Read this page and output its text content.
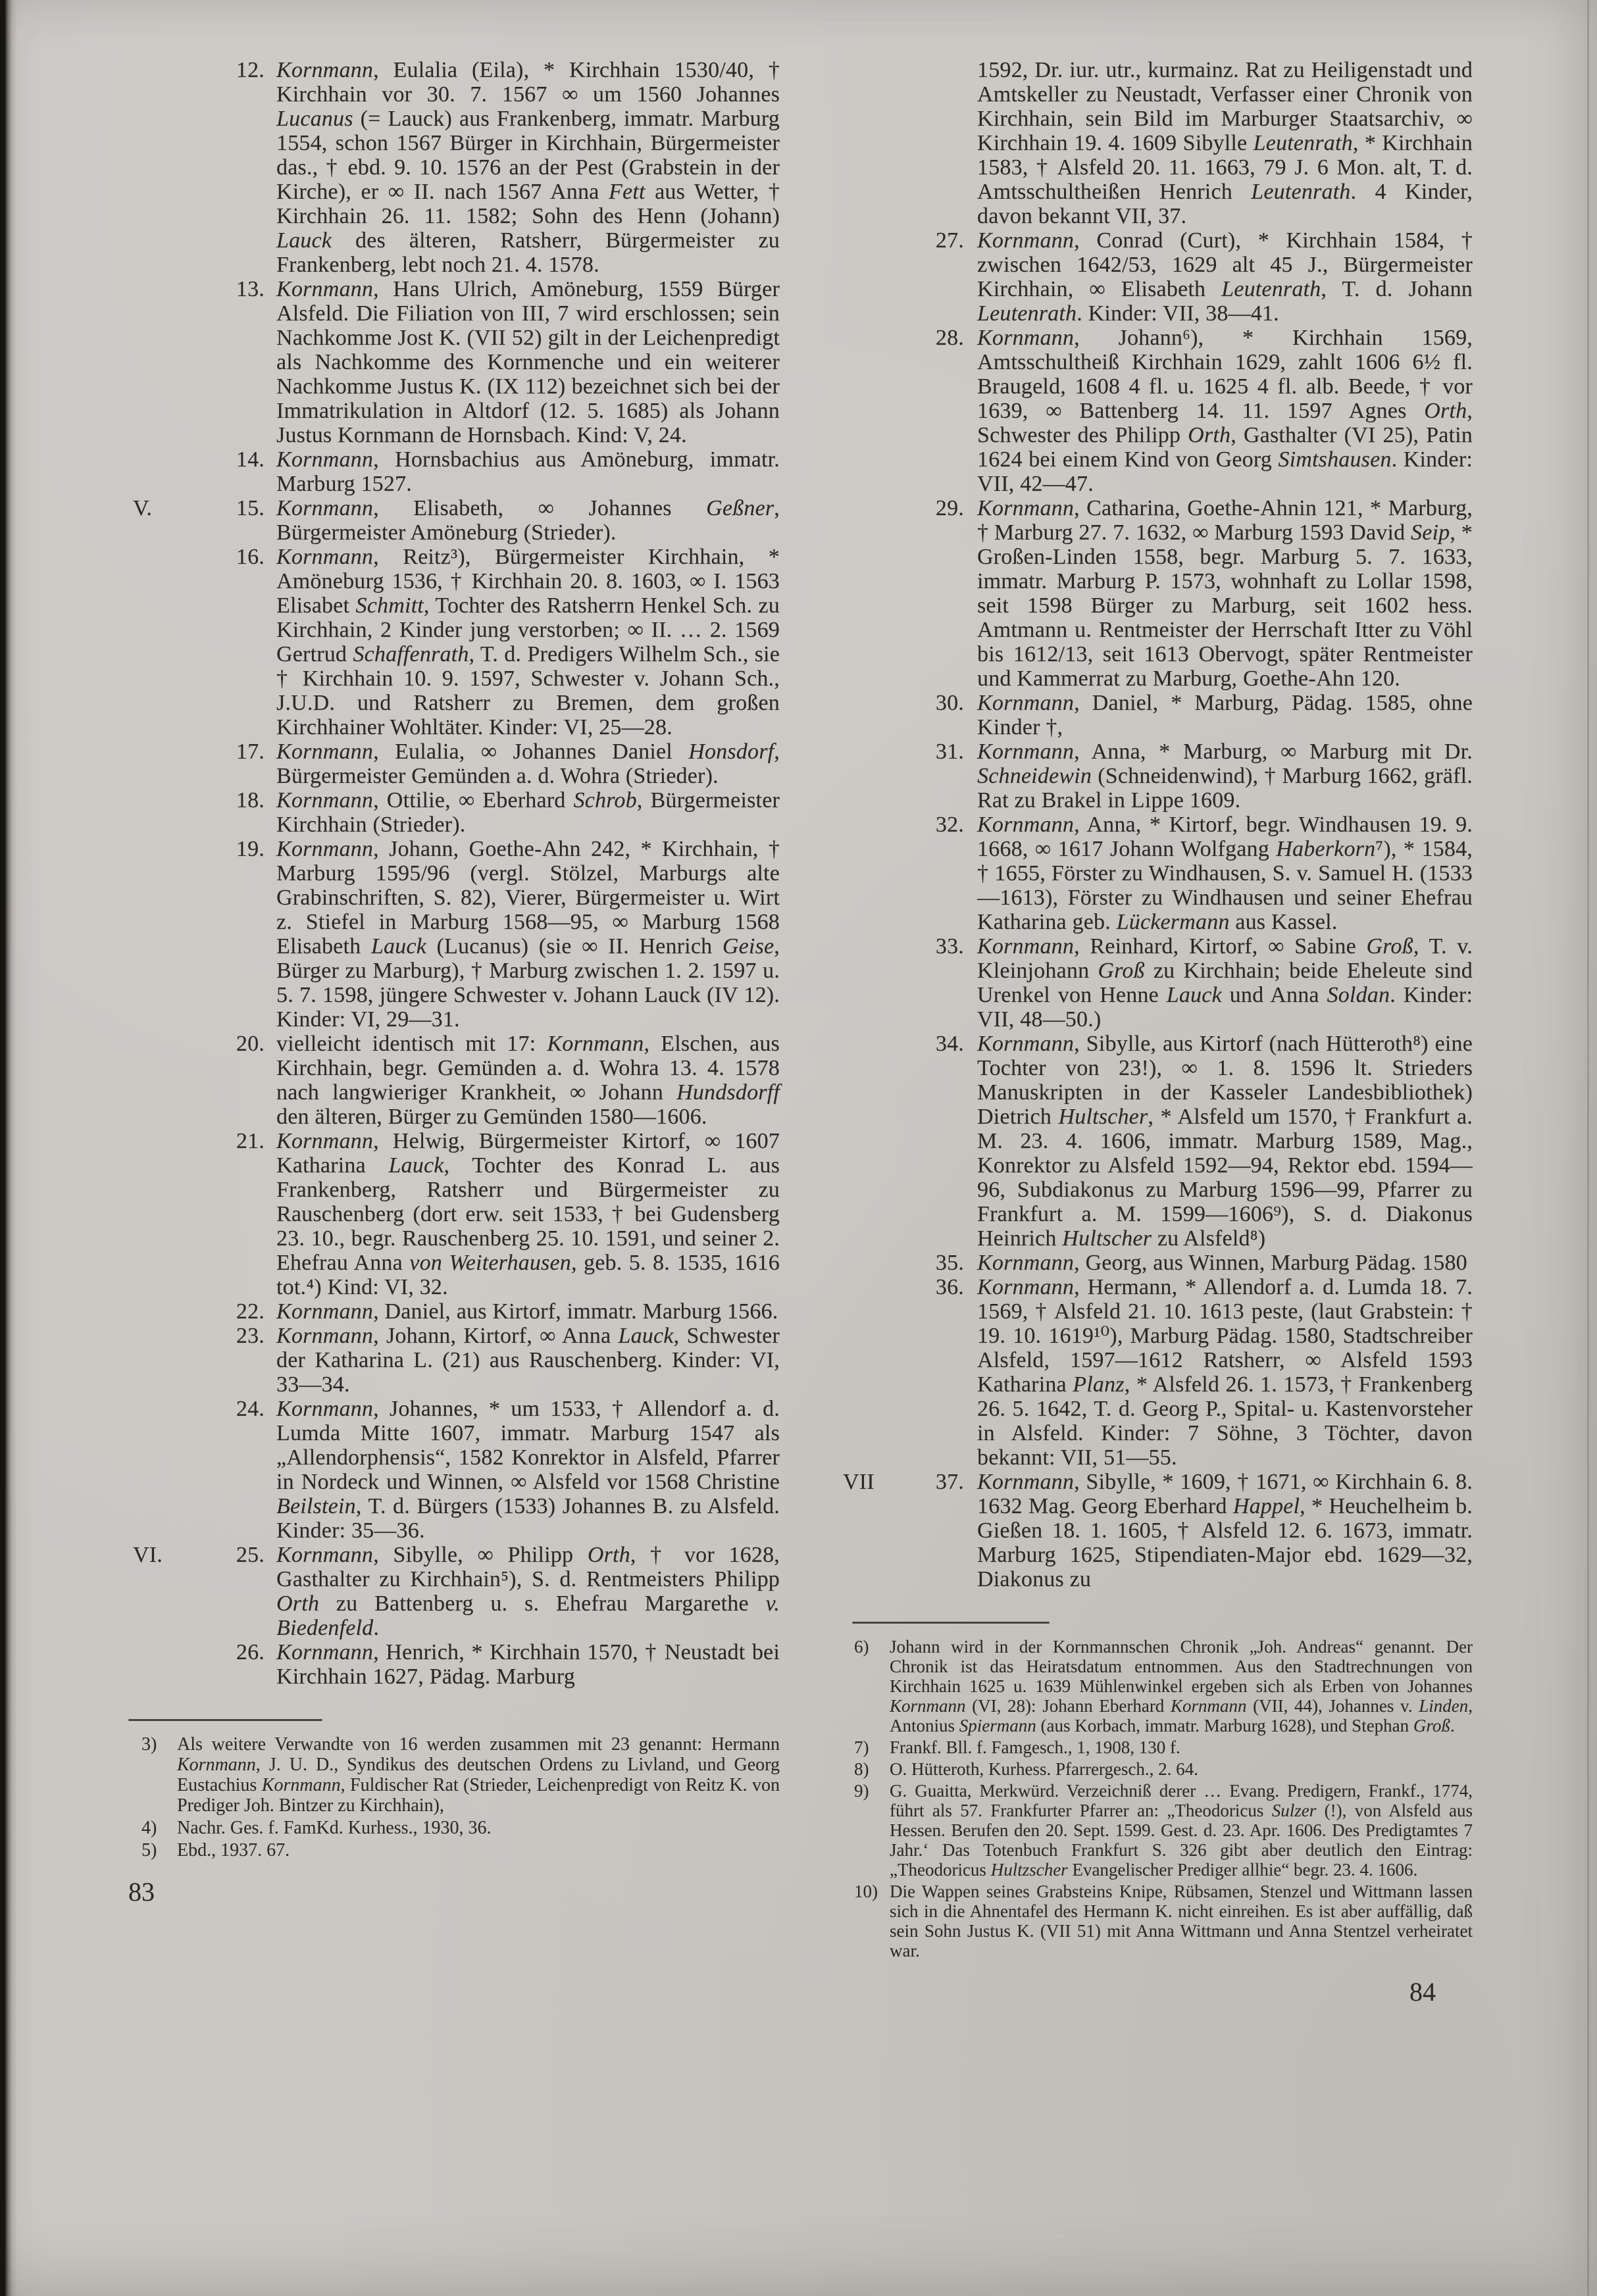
12. Kornmann, Eulalia (Eila), * Kirchhain 1530/40, † Kirchhain vor 30. 7. 1567 ∞ um 1560 Johannes Lucanus (= Lauck) aus Frankenberg, immatr. Marburg 1554, schon 1567 Bürger in Kirchhain, Bürgermeister das., † ebd. 9. 10. 1576 an der Pest (Grabstein in der Kirche), er ∞ II. nach 1567 Anna Fett aus Wetter, † Kirchhain 26. 11. 1582; Sohn des Henn (Johann) Lauck des älteren, Ratsherr, Bürgermeister zu Frankenberg, lebt noch 21. 4. 1578.
13. Kornmann, Hans Ulrich, Amöneburg, 1559 Bürger Alsfeld. Die Filiation von III, 7 wird erschlossen; sein Nachkomme Jost K. (VII 52) gilt in der Leichenpredigt als Nachkomme des Kornmenche und ein weiterer Nachkomme Justus K. (IX 112) bezeichnet sich bei der Immatrikulation in Altdorf (12. 5. 1685) als Johann Justus Kornmann de Hornsbach. Kind: V, 24.
14. Kornmann, Hornsbachius aus Amöneburg, immatr. Marburg 1527.
V.	15. Kornmann, Elisabeth, ∞ Johannes Geßner, Bürgermeister Amöneburg (Strieder).
16. Kornmann, Reitz³), Bürgermeister Kirchhain, * Amöneburg 1536, † Kirchhain 20. 8. 1603, ∞ I. 1563 Elisabet Schmitt, Tochter des Ratsherrn Henkel Sch. zu Kirchhain, 2 Kinder jung verstorben; ∞ II. … 2. 1569 Gertrud Schaffenrath, T. d. Predigers Wilhelm Sch., sie † Kirchhain 10. 9. 1597, Schwester v. Johann Sch., J.U.D. und Ratsherr zu Bremen, dem großen Kirchhainer Wohltäter. Kinder: VI, 25—28.
17. Kornmann, Eulalia, ∞ Johannes Daniel Honsdorf, Bürgermeister Gemünden a. d. Wohra (Strieder).
18. Kornmann, Ottilie, ∞ Eberhard Schrob, Bürgermeister Kirchhain (Strieder).
19. Kornmann, Johann, Goethe-Ahn 242, * Kirchhain, † Marburg 1595/96 (vergl. Stölzel, Marburgs alte Grabinschriften, S. 82), Vierer, Bürgermeister u. Wirt z. Stiefel in Marburg 1568—95, ∞ Marburg 1568 Elisabeth Lauck (Lucanus) (sie ∞ II. Henrich Geise, Bürger zu Marburg), † Marburg zwischen 1. 2. 1597 u. 5. 7. 1598, jüngere Schwester v. Johann Lauck (IV 12). Kinder: VI, 29—31.
20. vielleicht identisch mit 17: Kornmann, Elschen, aus Kirchhain, begr. Gemünden a. d. Wohra 13. 4. 1578 nach langwieriger Krankheit, ∞ Johann Hundsdorff den älteren, Bürger zu Gemünden 1580—1606.
21. Kornmann, Helwig, Bürgermeister Kirtorf, ∞ 1607 Katharina Lauck, Tochter des Konrad L. aus Frankenberg, Ratsherr und Bürgermeister zu Rauschenberg (dort erw. seit 1533, † bei Gudensberg 23. 10., begr. Rauschenberg 25. 10. 1591, und seiner 2. Ehefrau Anna von Weiterhausen, geb. 5. 8. 1535, 1616 tot.⁴) Kind: VI, 32.
22. Kornmann, Daniel, aus Kirtorf, immatr. Marburg 1566.
23. Kornmann, Johann, Kirtorf, ∞ Anna Lauck, Schwester der Katharina L. (21) aus Rauschenberg. Kinder: VI, 33—34.
24. Kornmann, Johannes, * um 1533, † Allendorf a. d. Lumda Mitte 1607, immatr. Marburg 1547 als „Allendorphensis“, 1582 Konrektor in Alsfeld, Pfarrer in Nordeck und Winnen, ∞ Alsfeld vor 1568 Christine Beilstein, T. d. Bürgers (1533) Johannes B. zu Alsfeld. Kinder: 35—36.
VI.	25. Kornmann, Sibylle, ∞ Philipp Orth, † vor 1628, Gasthalter zu Kirchhain⁵), S. d. Rentmeisters Philipp Orth zu Battenberg u. s. Ehefrau Margarethe v. Biedenfeld.
26. Kornmann, Henrich, * Kirchhain 1570, † Neustadt bei Kirchhain 1627, Pädag. Marburg
3)	Als weitere Verwandte von 16 werden zusammen mit 23 genannt: Hermann Kornmann, J. U. D., Syndikus des deutschen Ordens zu Livland, und Georg Eustachius Kornmann, Fuldischer Rat (Strieder, Leichenpredigt von Reitz K. von Prediger Joh. Bintzer zu Kirchhain),
4)	Nachr. Ges. f. FamKd. Kurhess., 1930, 36.
5)	Ebd., 1937. 67.
83
1592, Dr. iur. utr., kurmainz. Rat zu Heiligenstadt und Amtskeller zu Neustadt, Verfasser einer Chronik von Kirchhain, sein Bild im Marburger Staatsarchiv, ∞ Kirchhain 19. 4. 1609 Sibylle Leutenrath, * Kirchhain 1583, † Alsfeld 20. 11. 1663, 79 J. 6 Mon. alt, T. d. Amtsschultheißen Henrich Leutenrath. 4 Kinder, davon bekannt VII, 37.
27. Kornmann, Conrad (Curt), * Kirchhain 1584, † zwischen 1642/53, 1629 alt 45 J., Bürgermeister Kirchhain, ∞ Elisabeth Leutenrath, T. d. Johann Leutenrath. Kinder: VII, 38—41.
28. Kornmann, Johann⁶), * Kirchhain 1569, Amtsschultheiß Kirchhain 1629, zahlt 1606 6½ fl. Braugeld, 1608 4 fl. u. 1625 4 fl. alb. Beede, † vor 1639, ∞ Battenberg 14. 11. 1597 Agnes Orth, Schwester des Philipp Orth, Gasthalter (VI 25), Patin 1624 bei einem Kind von Georg Simtshausen. Kinder: VII, 42—47.
29. Kornmann, Catharina, Goethe-Ahnin 121, * Marburg, † Marburg 27. 7. 1632, ∞ Marburg 1593 David Seip, * Großen-Linden 1558, begr. Marburg 5. 7. 1633, immatr. Marburg P. 1573, wohnhaft zu Lollar 1598, seit 1598 Bürger zu Marburg, seit 1602 hess. Amtmann u. Rentmeister der Herrschaft Itter zu Vöhl bis 1612/13, seit 1613 Obervogt, später Rentmeister und Kammerrat zu Marburg, Goethe-Ahn 120.
30. Kornmann, Daniel, * Marburg, Pädag. 1585, ohne Kinder †,
31. Kornmann, Anna, * Marburg, ∞ Marburg mit Dr. Schneidewin (Schneidenwind), † Marburg 1662, gräfl. Rat zu Brakel in Lippe 1609.
32. Kornmann, Anna, * Kirtorf, begr. Windhausen 19. 9. 1668, ∞ 1617 Johann Wolfgang Haberkorn⁷), * 1584, † 1655, Förster zu Windhausen, S. v. Samuel H. (1533—1613), Förster zu Windhausen und seiner Ehefrau Katharina geb. Lückermann aus Kassel.
33. Kornmann, Reinhard, Kirtorf, ∞ Sabine Groß, T. v. Kleinjohann Groß zu Kirchhain; beide Eheleute sind Urenkel von Henne Lauck und Anna Soldan. Kinder: VII, 48—50.)
34. Kornmann, Sibylle, aus Kirtorf (nach Hütteroth⁸) eine Tochter von 23!), ∞ 1. 8. 1596 lt. Strieders Manuskripten in der Kasseler Landesbibliothek) Dietrich Hultscher, * Alsfeld um 1570, † Frankfurt a. M. 23. 4. 1606, immatr. Marburg 1589, Mag., Konrektor zu Alsfeld 1592—94, Rektor ebd. 1594—96, Subdiakonus zu Marburg 1596—99, Pfarrer zu Frankfurt a. M. 1599—1606⁹), S. d. Diakonus Heinrich Hultscher zu Alsfeld⁸)
35. Kornmann, Georg, aus Winnen, Marburg Pädag. 1580
36. Kornmann, Hermann, * Allendorf a. d. Lumda 18. 7. 1569, † Alsfeld 21. 10. 1613 peste, (laut Grabstein: † 19. 10. 1619¹⁰), Marburg Pädag. 1580, Stadtschreiber Alsfeld, 1597—1612 Ratsherr, ∞ Alsfeld 1593 Katharina Planz, * Alsfeld 26. 1. 1573, † Frankenberg 26. 5. 1642, T. d. Georg P., Spital- u. Kastenvorsteher in Alsfeld. Kinder: 7 Söhne, 3 Töchter, davon bekannt: VII, 51—55.
VII	37. Kornmann, Sibylle, * 1609, † 1671, ∞ Kirchhain 6. 8. 1632 Mag. Georg Eberhard Happel, * Heuchelheim b. Gießen 18. 1. 1605, † Alsfeld 12. 6. 1673, immatr. Marburg 1625, Stipendiaten-Major ebd. 1629—32, Diakonus zu
6)	Johann wird in der Kornmannschen Chronik „Joh. Andreas“ genannt. Der Chronik ist das Heiratsdatum entnommen. Aus den Stadtrechnungen von Kirchhain 1625 u. 1639 Mühlenwinkel ergeben sich als Erben von Johannes Kornmann (VI, 28): Johann Eberhard Kornmann (VII, 44), Johannes v. Linden, Antonius Spiermann (aus Korbach, immatr. Marburg 1628), und Stephan Groß.
7)	Frankf. Bll. f. Famgesch., 1, 1908, 130 f.
8)	O. Hütteroth, Kurhess. Pfarrergesch., 2. 64.
9)	G. Guaitta, Merkwürd. Verzeichniß derer … Evang. Predigern, Frankf., 1774, führt als 57. Frankfurter Pfarrer an: „Theodoricus Sulzer (!), von Alsfeld aus Hessen. Berufen den 20. Sept. 1599. Gest. d. 23. Apr. 1606. Des Predigtamtes 7 Jahr.‘ Das Totenbuch Frankfurt S. 326 gibt aber deutlich den Eintrag: „Theodoricus Hultzscher Evangelischer Prediger allhie“ begr. 23. 4. 1606.
10) Die Wappen seines Grabsteins Knipe, Rübsamen, Stenzel und Wittmann lassen sich in die Ahnentafel des Hermann K. nicht einreihen. Es ist aber auffällig, daß sein Sohn Justus K. (VII 51) mit Anna Wittmann und Anna Stentzel verheiratet war.
84
